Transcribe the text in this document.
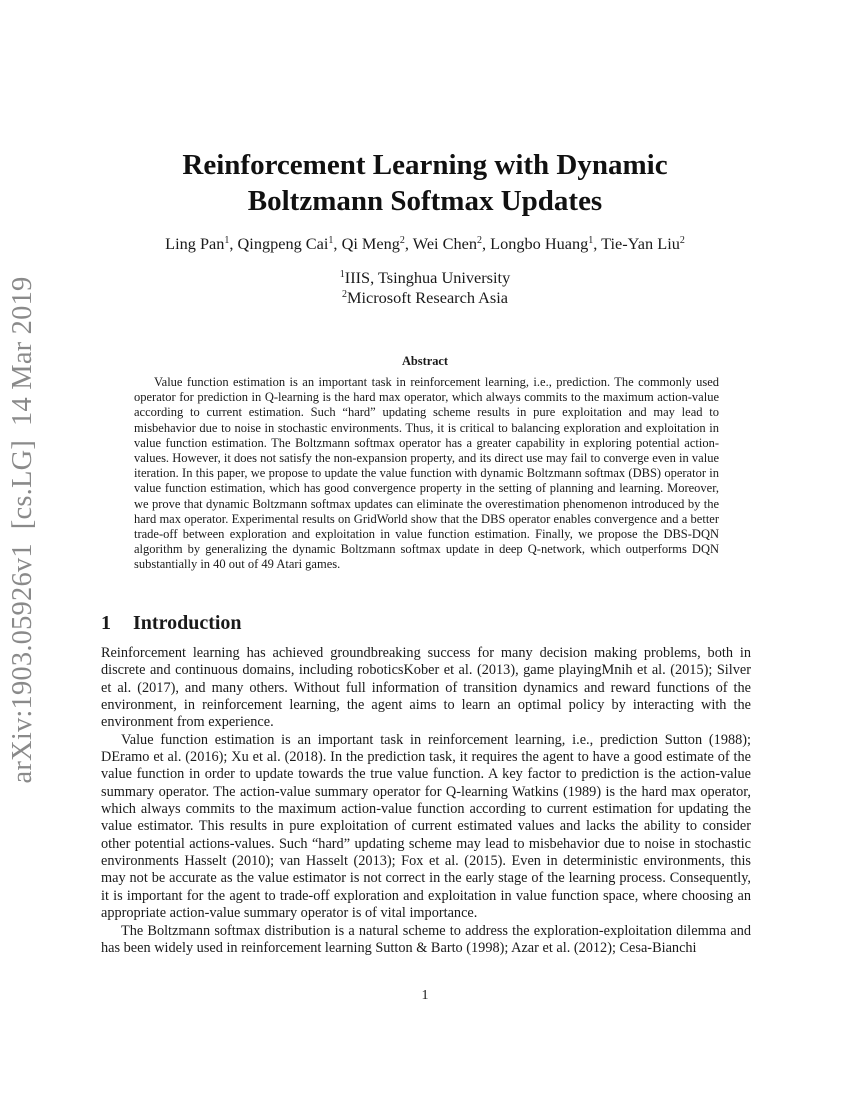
arXiv:1903.05926v1[cs.LG]14 Mar 2019
Reinforcement Learning with Dynamic
Boltzmann Softmax Updates
Ling Pan$^1$, Qingpeng Cai$^1$, Qi Meng$^2$, Wei Chen$^2$, Longbo Huang$^1$, Tie-Yan Liu$^2$
$^1$IIIS, Tsinghua University
$^2$Microsoft Research Asia
Abstract

Value function estimation is an important task in reinforcement learning, i.e., prediction. The commonly used operator for prediction in Q-learning is the hard max operator, which always commits to the maximum action-value according to current estimation. Such “hard” updating scheme results in pure exploitation and may lead to misbehavior due to noise in stochastic environments. Thus, it is critical to balancing exploration and exploitation in value function estimation. The Boltzmann softmax operator has a greater capability in exploring potential action-values. However, it does not satisfy the non-expansion property, and its direct use may fail to converge even in value iteration. In this paper, we propose to update the value function with dynamic Boltzmann softmax (DBS) operator in value function estimation, which has good convergence property in the setting of planning and learning. Moreover, we prove that dynamic Boltzmann softmax updates can eliminate the overestimation phenomenon introduced by the hard max operator. Experimental results on GridWorld show that the DBS operator enables convergence and a better trade-off between exploration and exploitation in value function estimation. Finally, we propose the DBS-DQN algorithm by generalizing the dynamic Boltzmann softmax update in deep Q-network, which outperforms DQN substantially in 40 out of 49 Atari games.

1 Introduction

Reinforcement learning has achieved groundbreaking success for many decision making problems, both in discrete and continuous domains, including roboticsKober et al. (2013), game playingMnih et al. (2015); Silver et al. (2017), and many others. Without full information of transition dynamics and reward functions of the environment, in reinforcement learning, the agent aims to learn an optimal policy by interacting with the environment from experience.

Value function estimation is an important task in reinforcement learning, i.e., prediction Sutton (1988); DEramo et al. (2016); Xu et al. (2018). In the prediction task, it requires the agent to have a good estimate of the value function in order to update towards the true value function. A key factor to prediction is the action-value summary operator. The action-value summary operator for Q-learning Watkins (1989) is the hard max operator, which always commits to the maximum action-value function according to current estimation for updating the value estimator. This results in pure exploitation of current estimated values and lacks the ability to consider other potential actions-values. Such “hard” updating scheme may lead to misbehavior due to noise in stochastic environments Hasselt (2010); van Hasselt (2013); Fox et al. (2015). Even in deterministic environments, this may not be accurate as the value estimator is not correct in the early stage of the learning process. Consequently, it is important for the agent to trade-off exploration and exploitation in value function space, where choosing an appropriate action-value summary operator is of vital importance.

The Boltzmann softmax distribution is a natural scheme to address the exploration-exploitation dilemma and has been widely used in reinforcement learning Sutton & Barto (1998); Azar et al. (2012); Cesa-Bianchi

1
